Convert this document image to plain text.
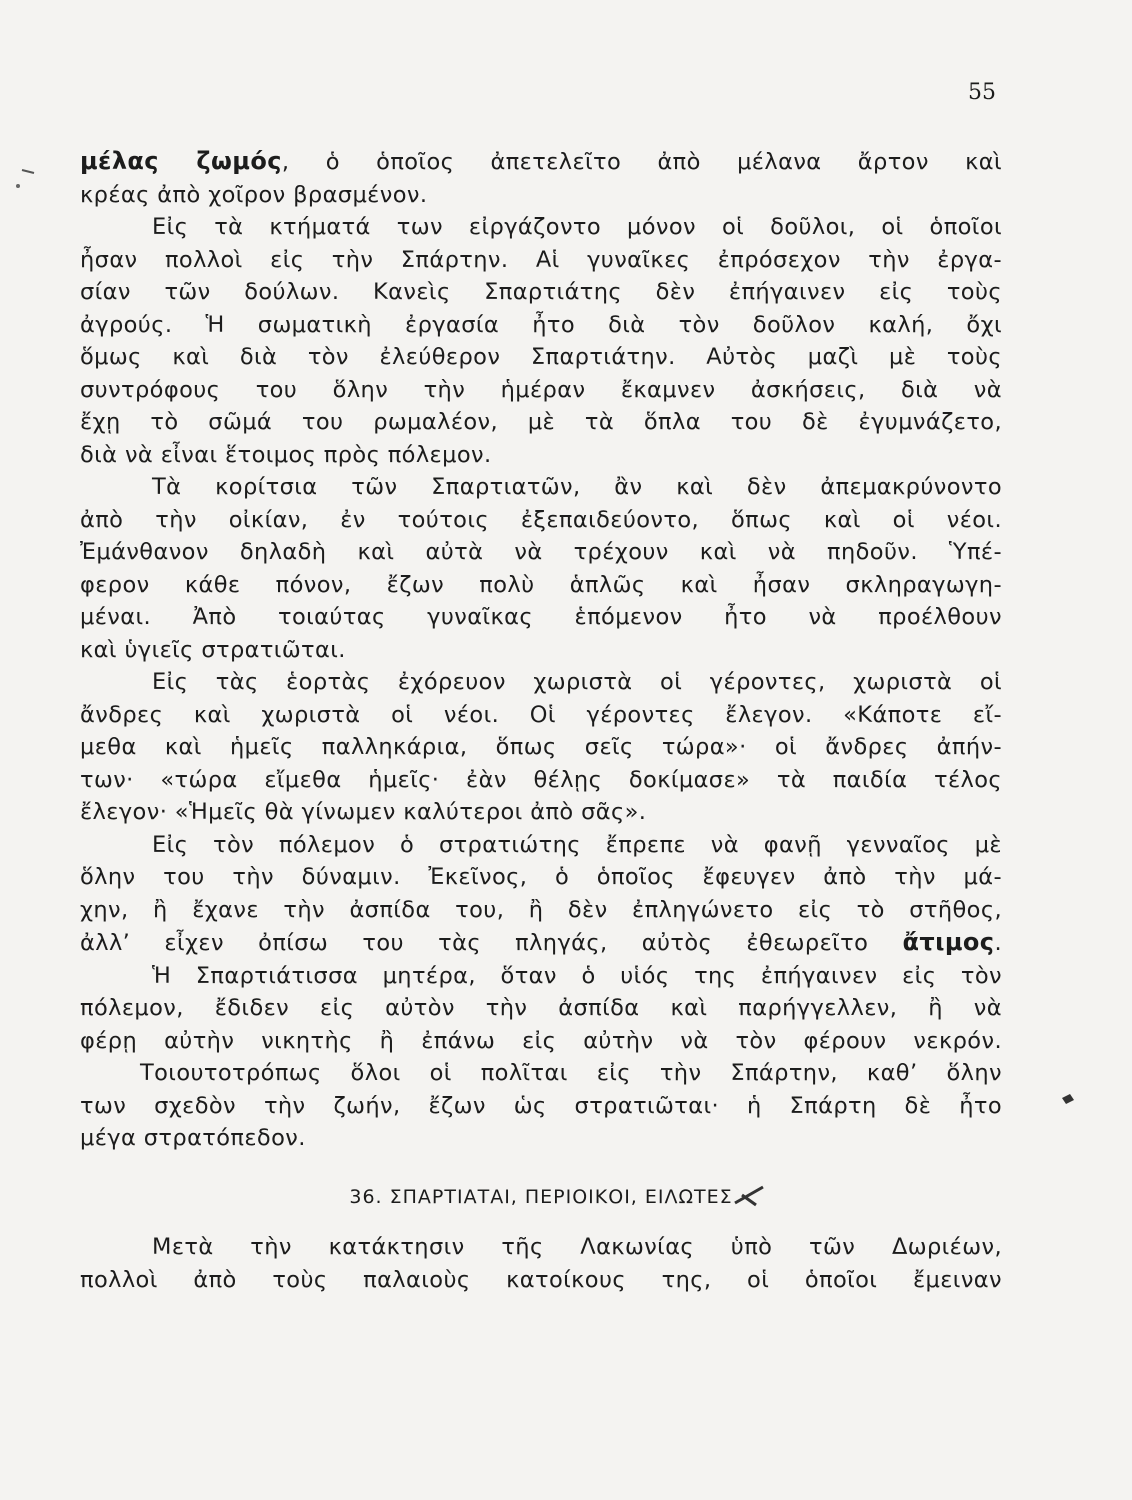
55
μέλας ζωμός, ὁ ὁποῖος ἀπετελεῖτο ἀπὸ μέλανα ἄρτον καὶ
κρέας ἀπὸ χοῖρον βρασμένον.
Εἰς τὰ κτήματά των εἰργάζοντο μόνον οἱ δοῦλοι, οἱ ὁποῖοι
ἦσαν πολλοὶ εἰς τὴν Σπάρτην. Αἱ γυναῖκες ἐπρόσεχον τὴν ἐργα-
σίαν τῶν δούλων. Κανεὶς Σπαρτιάτης δὲν ἐπήγαινεν εἰς τοὺς
ἀγρούς. Ἡ σωματικὴ ἐργασία ἦτο διὰ τὸν δοῦλον καλή, ὄχι
ὅμως καὶ διὰ τὸν ἐλεύθερον Σπαρτιάτην. Αὐτὸς μαζὶ μὲ τοὺς
συντρόφους του ὅλην τὴν ἡμέραν ἔκαμνεν ἀσκήσεις, διὰ νὰ
ἔχῃ τὸ σῶμά του ρωμαλέον, μὲ τὰ ὅπλα του δὲ ἐγυμνάζετο,
διὰ νὰ εἶναι ἕτοιμος πρὸς πόλεμον.
Τὰ κορίτσια τῶν Σπαρτιατῶν, ἂν καὶ δὲν ἀπεμακρύνοντο
ἀπὸ τὴν οἰκίαν, ἐν τούτοις ἐξεπαιδεύοντο, ὅπως καὶ οἱ νέοι.
Ἐμάνθανον δηλαδὴ καὶ αὐτὰ νὰ τρέχουν καὶ νὰ πηδοῦν. Ὑπέ-
φερον κάθε πόνον, ἔζων πολὺ ἁπλῶς καὶ ἦσαν σκληραγωγη-
μέναι. Ἀπὸ τοιαύτας γυναῖκας ἑπόμενον ἦτο νὰ προέλθουν
καὶ ὑγιεῖς στρατιῶται.
Εἰς τὰς ἑορτὰς ἐχόρευον χωριστὰ οἱ γέροντες, χωριστὰ οἱ
ἄνδρες καὶ χωριστὰ οἱ νέοι. Οἱ γέροντες ἔλεγον. «Κάποτε εἴ-
μεθα καὶ ἡμεῖς παλληκάρια, ὅπως σεῖς τώρα»· οἱ ἄνδρες ἀπήν-
των· «τώρα εἴμεθα ἡμεῖς· ἐὰν θέλῃς δοκίμασε» τὰ παιδία τέλος
ἔλεγον· «Ἡμεῖς θὰ γίνωμεν καλύτεροι ἀπὸ σᾶς».
Εἰς τὸν πόλεμον ὁ στρατιώτης ἔπρεπε νὰ φανῇ γενναῖος μὲ
ὅλην του τὴν δύναμιν. Ἐκεῖνος, ὁ ὁποῖος ἔφευγεν ἀπὸ τὴν μά-
χην, ἢ ἔχανε τὴν ἀσπίδα του, ἢ δὲν ἐπληγώνετο εἰς τὸ στῆθος,
ἀλλ’ εἶχεν ὀπίσω του τὰς πληγάς, αὐτὸς ἐθεωρεῖτο ἄτιμος.
Ἡ Σπαρτιάτισσα μητέρα, ὅταν ὁ υἱός της ἐπήγαινεν εἰς τὸν
πόλεμον, ἔδιδεν εἰς αὐτὸν τὴν ἀσπίδα καὶ παρήγγελλεν, ἢ νὰ
φέρῃ αὐτὴν νικητὴς ἢ ἐπάνω εἰς αὐτὴν νὰ τὸν φέρουν νεκρόν.
Τοιουτοτρόπως ὅλοι οἱ πολῖται εἰς τὴν Σπάρτην, καθ’ ὅλην
των σχεδὸν τὴν ζωήν, ἔζων ὡς στρατιῶται· ἡ Σπάρτη δὲ ἦτο
μέγα στρατόπεδον.
36. ΣΠΑΡΤΙΑΤΑΙ, ΠΕΡΙΟΙΚΟΙ, ΕΙΛΩΤΕΣ
Μετὰ τὴν κατάκτησιν τῆς Λακωνίας ὑπὸ τῶν Δωριέων,
πολλοὶ ἀπὸ τοὺς παλαιοὺς κατοίκους της, οἱ ὁποῖοι ἔμειναν
